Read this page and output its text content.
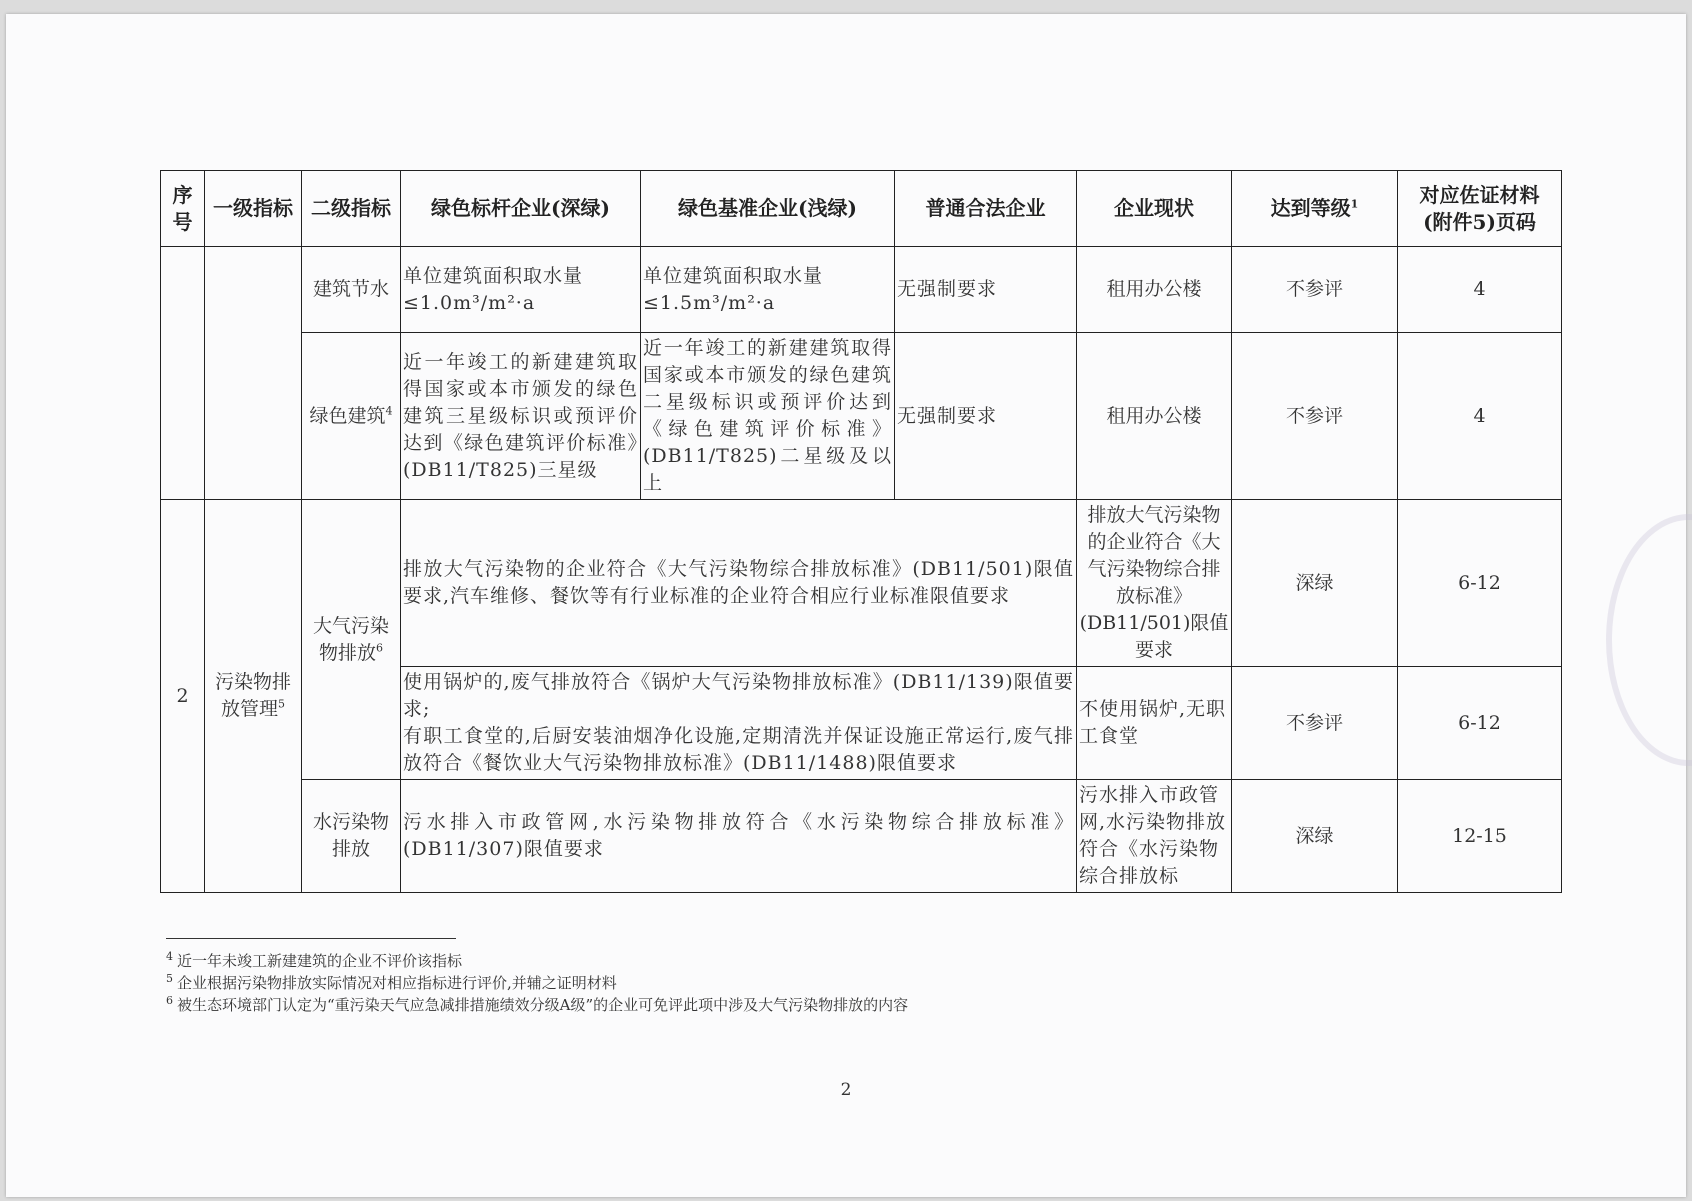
序号	一级指标	二级指标	绿色标杆企业(深绿)	绿色基准企业(浅绿)	普通合法企业	企业现状	达到等级$^1$	对应佐证材料
(附件5)页码
		建筑节水	单位建筑面积取水量
≤1.0m³/m²·a	单位建筑面积取水量
≤1.5m³/m²·a	无强制要求	租用办公楼	不参评	4
		绿色建筑$^4$	近一年竣工的新建建筑取得国家或本市颁发的绿色建筑三星级标识或预评价达到《绿色建筑评价标准》(DB11/T825)三星级	近一年竣工的新建建筑取得国家或本市颁发的绿色建筑二星级标识或预评价达到《绿色建筑评价标准》(DB11/T825)二星级及以上	无强制要求	租用办公楼	不参评	4
2	污染物排放管理$^5$	大气污染物排放$^6$	排放大气污染物的企业符合《大气污染物综合排放标准》(DB11/501)限值要求,汽车维修、餐饮等有行业标准的企业符合相应行业标准限值要求			排放大气污染物的企业符合《大气污染物综合排放标准》(DB11/501)限值要求	深绿	6-12
			使用锅炉的,废气排放符合《锅炉大气污染物排放标准》(DB11/139)限值要求;
有职工食堂的,后厨安装油烟净化设施,定期清洗并保证设施正常运行,废气排放符合《餐饮业大气污染物排放标准》(DB11/1488)限值要求			不使用锅炉,无职工食堂	不参评	6-12
		水污染物排放	污水排入市政管网,水污染物排放符合《水污染物综合排放标准》(DB11/307)限值要求			污水排入市政管网,水污染物排放符合《水污染物综合排放标	深绿	12-15
$^4$ 近一年未竣工新建建筑的企业不评价该指标
$^5$ 企业根据污染物排放实际情况对相应指标进行评价,并辅之证明材料
$^6$ 被生态环境部门认定为“重污染天气应急减排措施绩效分级A级”的企业可免评此项中涉及大气污染物排放的内容
2
